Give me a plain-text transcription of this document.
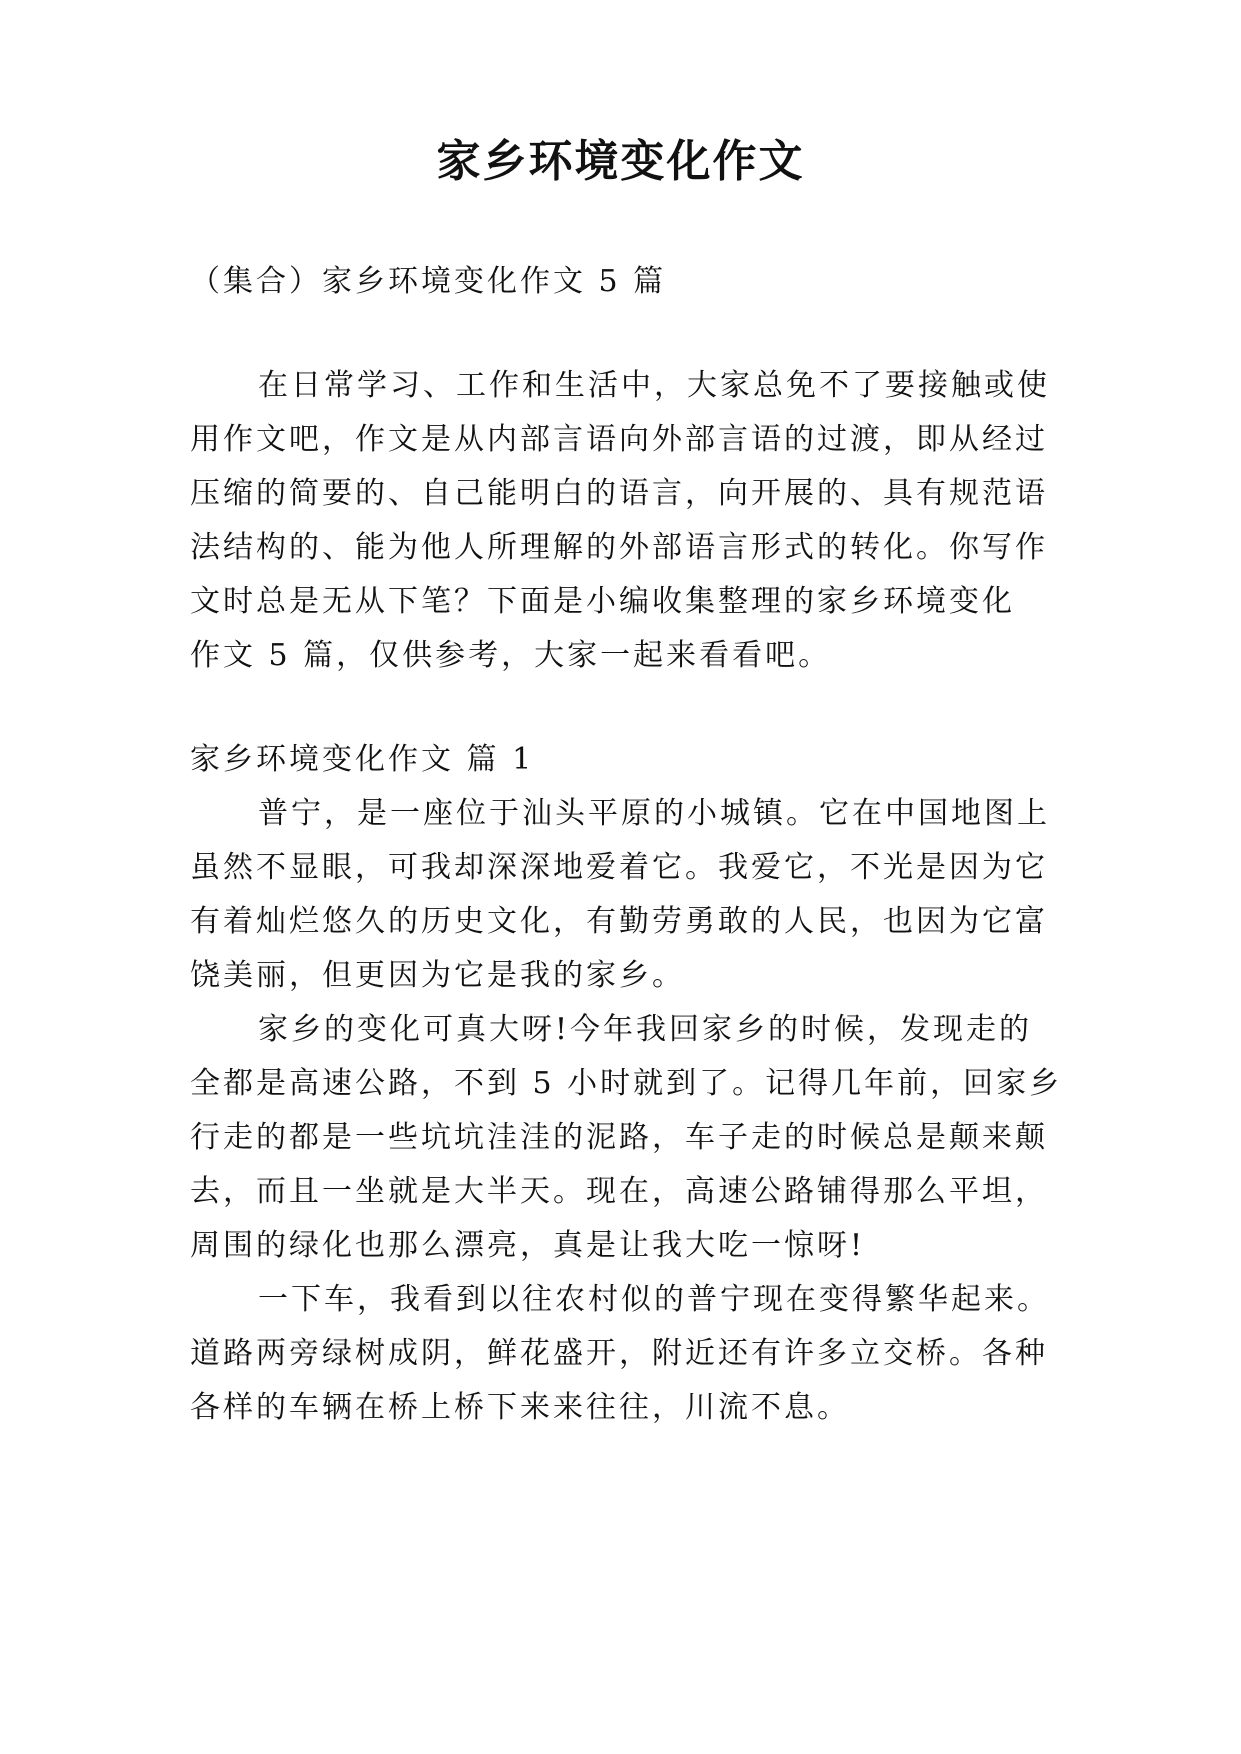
家乡环境变化作文
（集合）家乡环境变化作文 5 篇
在日常学习、工作和生活中，大家总免不了要接触或使
用作文吧，作文是从内部言语向外部言语的过渡，即从经过
压缩的简要的、自己能明白的语言，向开展的、具有规范语
法结构的、能为他人所理解的外部语言形式的转化。你写作
文时总是无从下笔？下面是小编收集整理的家乡环境变化
作文 5 篇，仅供参考，大家一起来看看吧。
家乡环境变化作文 篇 1
普宁，是一座位于汕头平原的小城镇。它在中国地图上
虽然不显眼，可我却深深地爱着它。我爱它，不光是因为它
有着灿烂悠久的历史文化，有勤劳勇敢的人民，也因为它富
饶美丽，但更因为它是我的家乡。
家乡的变化可真大呀!今年我回家乡的时候，发现走的
全都是高速公路，不到 5 小时就到了。记得几年前，回家乡
行走的都是一些坑坑洼洼的泥路，车子走的时候总是颠来颠
去，而且一坐就是大半天。现在，高速公路铺得那么平坦，
周围的绿化也那么漂亮，真是让我大吃一惊呀!
一下车，我看到以往农村似的普宁现在变得繁华起来。
道路两旁绿树成阴，鲜花盛开，附近还有许多立交桥。各种
各样的车辆在桥上桥下来来往往，川流不息。
